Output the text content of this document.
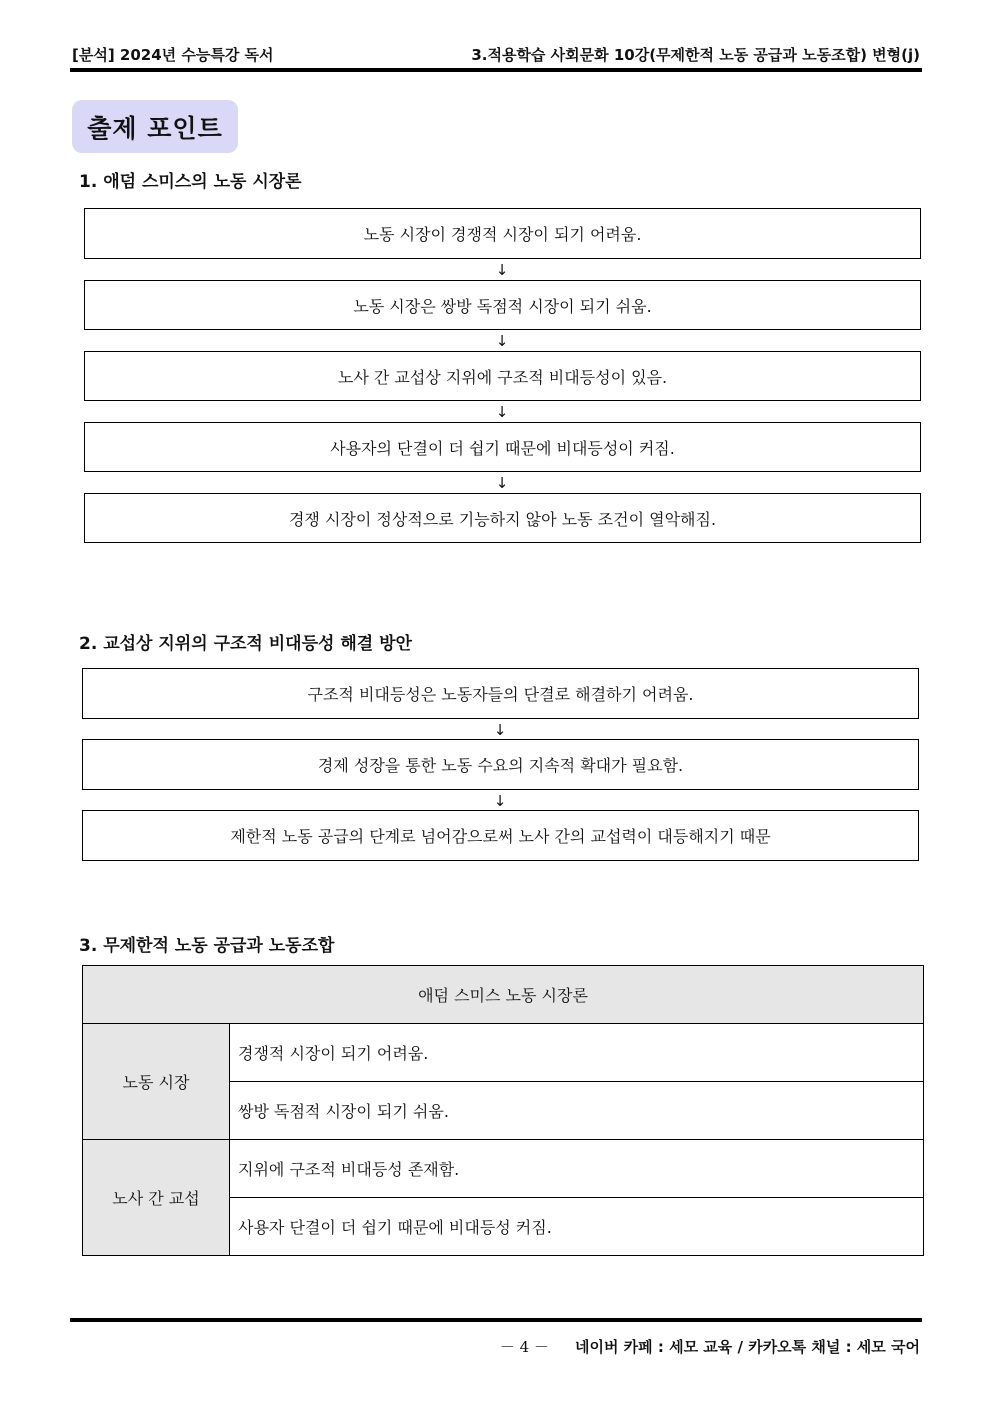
[분석] 2024년 수능특강 독서	3.적용학습 사회문화 10강(무제한적 노동 공급과 노동조합) 변형(j)
출제 포인트
1. 애덤 스미스의 노동 시장론
노동 시장이 경쟁적 시장이 되기 어려움.
↓
노동 시장은 쌍방 독점적 시장이 되기 쉬움.
↓
노사 간 교섭상 지위에 구조적 비대등성이 있음.
↓
사용자의 단결이 더 쉽기 때문에 비대등성이 커짐.
↓
경쟁 시장이 정상적으로 기능하지 않아 노동 조건이 열악해짐.
2. 교섭상 지위의 구조적 비대등성 해결 방안
구조적 비대등성은 노동자들의 단결로 해결하기 어려움.
↓
경제 성장을 통한 노동 수요의 지속적 확대가 필요함.
↓
제한적 노동 공급의 단계로 넘어감으로써 노사 간의 교섭력이 대등해지기 때문
3. 무제한적 노동 공급과 노동조합
애덤 스미스 노동 시장론	
노동 시장	경쟁적 시장이 되기 어려움.
	쌍방 독점적 시장이 되기 쉬움.
노사 간 교섭	지위에 구조적 비대등성 존재함.
	사용자 단결이 더 쉽기 때문에 비대등성 커짐.
－ 4 － 네이버 카페 : 세모 교육 / 카카오톡 채널 : 세모 국어
